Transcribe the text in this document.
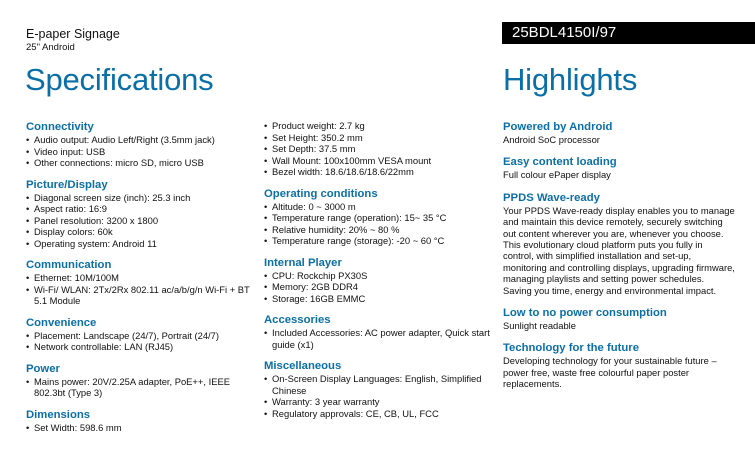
E-paper Signage
25" Android
25BDL4150I/97
Specifications	Highlights
Connectivity
• Audio output: Audio Left/Right (3.5mm jack)
• Video input: USB
• Other connections: micro SD, micro USB
Picture/Display
• Diagonal screen size (inch): 25.3 inch
• Aspect ratio: 16:9
• Panel resolution: 3200 x 1800
• Display colors: 60k
• Operating system: Android 11
Communication
• Ethernet: 10M/100M
• Wi-Fi/ WLAN: 2Tx/2Rx 802.11 ac/a/b/g/n Wi-Fi + BT 5.1 Module
Convenience
• Placement: Landscape (24/7), Portrait (24/7)
• Network controllable: LAN (RJ45)
Power
• Mains power: 20V/2.25A adapter, PoE++, IEEE 802.3bt (Type 3)
Dimensions
• Set Width: 598.6 mm
• Product weight: 2.7 kg
• Set Height: 350.2 mm
• Set Depth: 37.5 mm
• Wall Mount: 100x100mm VESA mount
• Bezel width: 18.6/18.6/18.6/22mm
Operating conditions
• Altitude: 0 ~ 3000 m
• Temperature range (operation): 15~ 35 °C
• Relative humidity: 20% ~ 80 %
• Temperature range (storage): -20 ~ 60 °C
Internal Player
• CPU: Rockchip PX30S
• Memory: 2GB DDR4
• Storage: 16GB EMMC
Accessories
• Included Accessories: AC power adapter, Quick start guide (x1)
Miscellaneous
• On-Screen Display Languages: English, Simplified Chinese
• Warranty: 3 year warranty
• Regulatory approvals: CE, CB, UL, FCC
Powered by Android
Android SoC processor
Easy content loading
Full colour ePaper display
PPDS Wave-ready
Your PPDS Wave-ready display enables you to manage and maintain this device remotely, securely switching out content wherever you are, whenever you choose. This evolutionary cloud platform puts you fully in control, with simplified installation and set-up, monitoring and controlling displays, upgrading firmware, managing playlists and setting power schedules. Saving you time, energy and environmental impact.
Low to no power consumption
Sunlight readable
Technology for the future
Developing technology for your sustainable future – power free, waste free colourful paper poster replacements.
